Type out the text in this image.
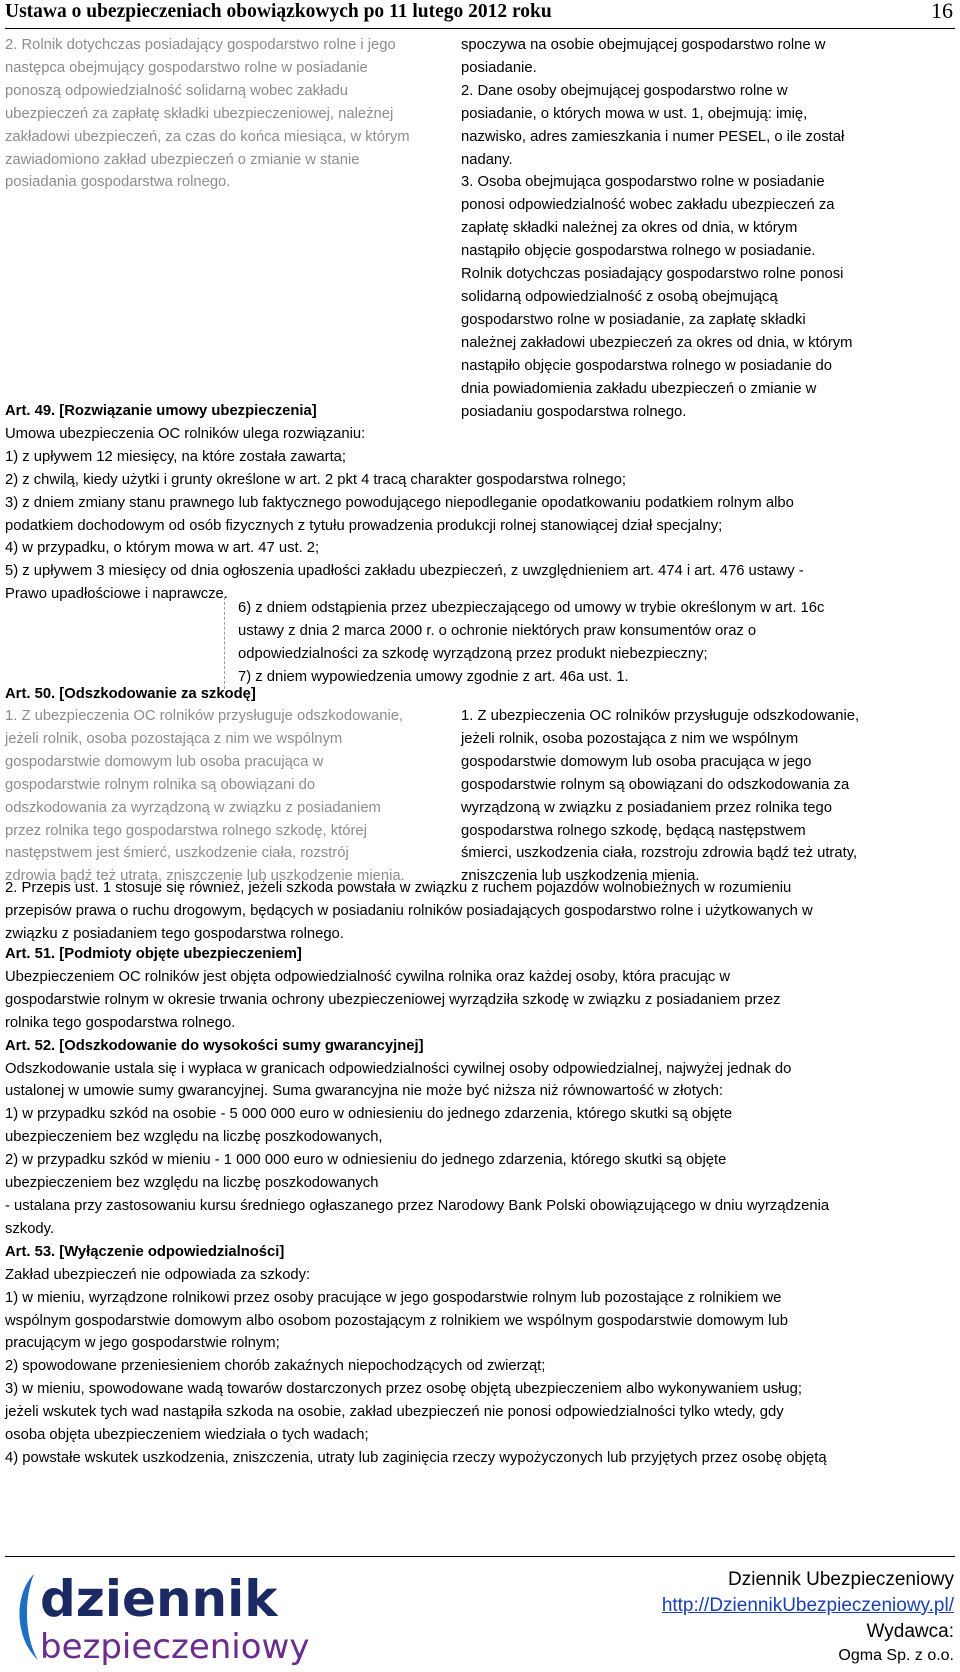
Ustawa o ubezpieczeniach obowiązkowych po 11 lutego 2012 roku	16
2. Rolnik dotychczas posiadający gospodarstwo rolne i jego
następca obejmujący gospodarstwo rolne w posiadanie
ponoszą odpowiedzialność solidarną wobec zakładu
ubezpieczeń za zapłatę składki ubezpieczeniowej, należnej
zakładowi ubezpieczeń, za czas do końca miesiąca, w którym
zawiadomiono zakład ubezpieczeń o zmianie w stanie
posiadania gospodarstwa rolnego.
spoczywa na osobie obejmującej gospodarstwo rolne w
posiadanie.
2. Dane osoby obejmującej gospodarstwo rolne w
posiadanie, o których mowa w ust. 1, obejmują: imię,
nazwisko, adres zamieszkania i numer PESEL, o ile został
nadany.
3. Osoba obejmująca gospodarstwo rolne w posiadanie
ponosi odpowiedzialność wobec zakładu ubezpieczeń za
zapłatę składki należnej za okres od dnia, w którym
nastąpiło objęcie gospodarstwa rolnego w posiadanie.
Rolnik dotychczas posiadający gospodarstwo rolne ponosi
solidarną odpowiedzialność z osobą obejmującą
gospodarstwo rolne w posiadanie, za zapłatę składki
należnej zakładowi ubezpieczeń za okres od dnia, w którym
nastąpiło objęcie gospodarstwa rolnego w posiadanie do
dnia powiadomienia zakładu ubezpieczeń o zmianie w
posiadaniu gospodarstwa rolnego.
Art. 49. [Rozwiązanie umowy ubezpieczenia]
Umowa ubezpieczenia OC rolników ulega rozwiązaniu:
1) z upływem 12 miesięcy, na które została zawarta;
2) z chwilą, kiedy użytki i grunty określone w art. 2 pkt 4 tracą charakter gospodarstwa rolnego;
3) z dniem zmiany stanu prawnego lub faktycznego powodującego niepodleganie opodatkowaniu podatkiem rolnym albo
podatkiem dochodowym od osób fizycznych z tytułu prowadzenia produkcji rolnej stanowiącej dział specjalny;
4) w przypadku, o którym mowa w art. 47 ust. 2;
5) z upływem 3 miesięcy od dnia ogłoszenia upadłości zakładu ubezpieczeń, z uwzględnieniem art. 474 i art. 476 ustawy -
Prawo upadłościowe i naprawcze.
6) z dniem odstąpienia przez ubezpieczającego od umowy w trybie określonym w art. 16c
ustawy z dnia 2 marca 2000 r. o ochronie niektórych praw konsumentów oraz o
odpowiedzialności za szkodę wyrządzoną przez produkt niebezpieczny;
7) z dniem wypowiedzenia umowy zgodnie z art. 46a ust. 1.
Art. 50. [Odszkodowanie za szkodę]
1. Z ubezpieczenia OC rolników przysługuje odszkodowanie,
jeżeli rolnik, osoba pozostająca z nim we wspólnym
gospodarstwie domowym lub osoba pracująca w
gospodarstwie rolnym rolnika są obowiązani do
odszkodowania za wyrządzoną w związku z posiadaniem
przez rolnika tego gospodarstwa rolnego szkodę, której
następstwem jest śmierć, uszkodzenie ciała, rozstrój
zdrowia bądź też utrata, zniszczenie lub uszkodzenie mienia.
1. Z ubezpieczenia OC rolników przysługuje odszkodowanie,
jeżeli rolnik, osoba pozostająca z nim we wspólnym
gospodarstwie domowym lub osoba pracująca w jego
gospodarstwie rolnym są obowiązani do odszkodowania za
wyrządzoną w związku z posiadaniem przez rolnika tego
gospodarstwa rolnego szkodę, będącą następstwem
śmierci, uszkodzenia ciała, rozstroju zdrowia bądź też utraty,
zniszczenia lub uszkodzenia mienia.
2. Przepis ust. 1 stosuje się również, jeżeli szkoda powstała w związku z ruchem pojazdów wolnobieżnych w rozumieniu
przepisów prawa o ruchu drogowym, będących w posiadaniu rolników posiadających gospodarstwo rolne i użytkowanych w
związku z posiadaniem tego gospodarstwa rolnego.
Art. 51. [Podmioty objęte ubezpieczeniem]
Ubezpieczeniem OC rolników jest objęta odpowiedzialność cywilna rolnika oraz każdej osoby, która pracując w
gospodarstwie rolnym w okresie trwania ochrony ubezpieczeniowej wyrządziła szkodę w związku z posiadaniem przez
rolnika tego gospodarstwa rolnego.
Art. 52. [Odszkodowanie do wysokości sumy gwarancyjnej]
Odszkodowanie ustala się i wypłaca w granicach odpowiedzialności cywilnej osoby odpowiedzialnej, najwyżej jednak do
ustalonej w umowie sumy gwarancyjnej. Suma gwarancyjna nie może być niższa niż równowartość w złotych:
1) w przypadku szkód na osobie - 5 000 000 euro w odniesieniu do jednego zdarzenia, którego skutki są objęte
ubezpieczeniem bez względu na liczbę poszkodowanych,
2) w przypadku szkód w mieniu - 1 000 000 euro w odniesieniu do jednego zdarzenia, którego skutki są objęte
ubezpieczeniem bez względu na liczbę poszkodowanych
- ustalana przy zastosowaniu kursu średniego ogłaszanego przez Narodowy Bank Polski obowiązującego w dniu wyrządzenia
szkody.
Art. 53. [Wyłączenie odpowiedzialności]
Zakład ubezpieczeń nie odpowiada za szkody:
1) w mieniu, wyrządzone rolnikowi przez osoby pracujące w jego gospodarstwie rolnym lub pozostające z rolnikiem we
wspólnym gospodarstwie domowym albo osobom pozostającym z rolnikiem we wspólnym gospodarstwie domowym lub
pracującym w jego gospodarstwie rolnym;
2) spowodowane przeniesieniem chorób zakaźnych niepochodzących od zwierząt;
3) w mieniu, spowodowane wadą towarów dostarczonych przez osobę objętą ubezpieczeniem albo wykonywaniem usług;
jeżeli wskutek tych wad nastąpiła szkoda na osobie, zakład ubezpieczeń nie ponosi odpowiedzialności tylko wtedy, gdy
osoba objęta ubezpieczeniem wiedziała o tych wadach;
4) powstałe wskutek uszkodzenia, zniszczenia, utraty lub zaginięcia rzeczy wypożyczonych lub przyjętych przez osobę objętą
dziennik
bezpieczeniowy
Dziennik Ubezpieczeniowy
http://DziennikUbezpieczeniowy.pl/
Wydawca:
Ogma Sp. z o.o.
